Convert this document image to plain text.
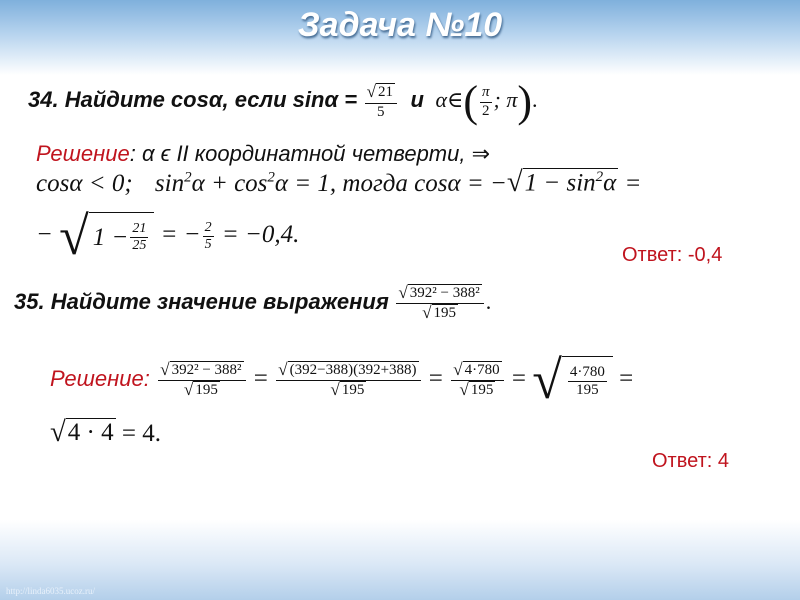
Задача №10
34. Найдите cosα, если $\sin\alpha = \frac{√ 21}{5}$ и α∈( $\frac{\pi}{2}$ ; π).
Решение: α ϵ II координатной четверти, ⇒
cosα < 0; $\sin^2\alpha + \cos^2\alpha = 1$, тогда cosα = − √ $1 - \sin^2\alpha$ =
− √ $1 - \frac{21}{25}$ = − $\frac{2}{5} = -0,4$.
Ответ: -0,4
35. Найдите значение выражения $\frac{\text{√ 392² − 388²}}{√ 195}$ .
Решение: $\frac{\text{√ 392² − 388²}}{√ 195} = \frac{√ (392-388)(392+388)}{√ 195} = \frac{√ 4\cdot 780}{√ 195}$ = √ $\frac{4\cdot 780}{195}$ =
√ 4 · 4 = 4.
Ответ: 4
http://linda6035.ucoz.ru/
